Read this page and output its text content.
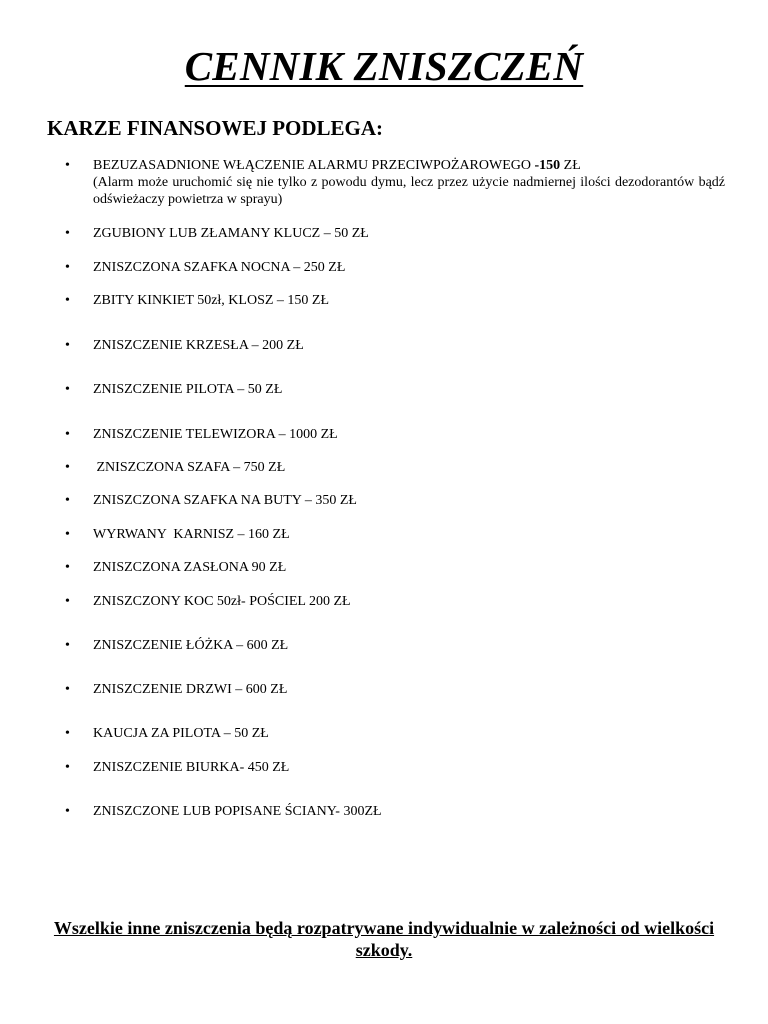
CENNIK ZNISZCZEŃ
KARZE FINANSOWEJ PODLEGA:
•	BEZUZASADNIONE WŁĄCZENIE ALARMU PRZECIWPOŻAROWEGO -150 ZŁ
(Alarm może uruchomić się nie tylko z powodu dymu, lecz przez użycie nadmiernej ilości dezodorantów bądź odświeżaczy powietrza w sprayu)
•	ZGUBIONY LUB ZŁAMANY KLUCZ – 50 ZŁ
•	ZNISZCZONA SZAFKA NOCNA – 250 ZŁ
•	ZBITY KINKIET 50zł, KLOSZ – 150 ZŁ
•	ZNISZCZENIE KRZESŁA – 200 ZŁ
•	ZNISZCZENIE PILOTA – 50 ZŁ
•	ZNISZCZENIE TELEWIZORA – 1000 ZŁ
•	ZNISZCZONA SZAFA – 750 ZŁ
•	ZNISZCZONA SZAFKA NA BUTY – 350 ZŁ
•	WYRWANY  KARNISZ – 160 ZŁ
•	ZNISZCZONA ZASŁONA 90 ZŁ
•	ZNISZCZONY KOC 50zł- POŚCIEL 200 ZŁ
•	ZNISZCZENIE ŁÓŻKA – 600 ZŁ
•	ZNISZCZENIE DRZWI – 600 ZŁ
•	KAUCJA ZA PILOTA – 50 ZŁ
•	ZNISZCZENIE BIURKA- 450 ZŁ
•	ZNISZCZONE LUB POPISANE ŚCIANY- 300ZŁ
Wszelkie inne zniszczenia będą rozpatrywane indywidualnie w zależności od wielkości szkody.
